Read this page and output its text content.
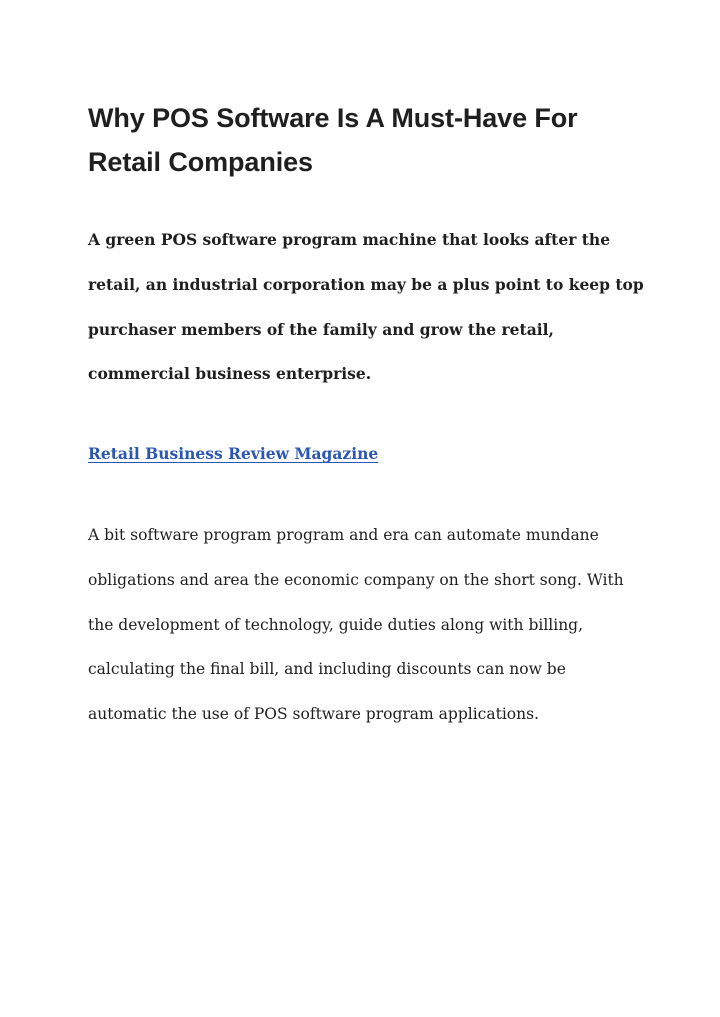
Why POS Software Is A Must-Have For Retail Companies

A green POS software program machine that looks after the retail, an industrial corporation may be a plus point to keep top purchaser members of the family and grow the retail, commercial business enterprise.

Retail Business Review Magazine

A bit software program program and era can automate mundane obligations and area the economic company on the short song. With the development of technology, guide duties along with billing, calculating the final bill, and including discounts can now be automatic the use of POS software program applications.
